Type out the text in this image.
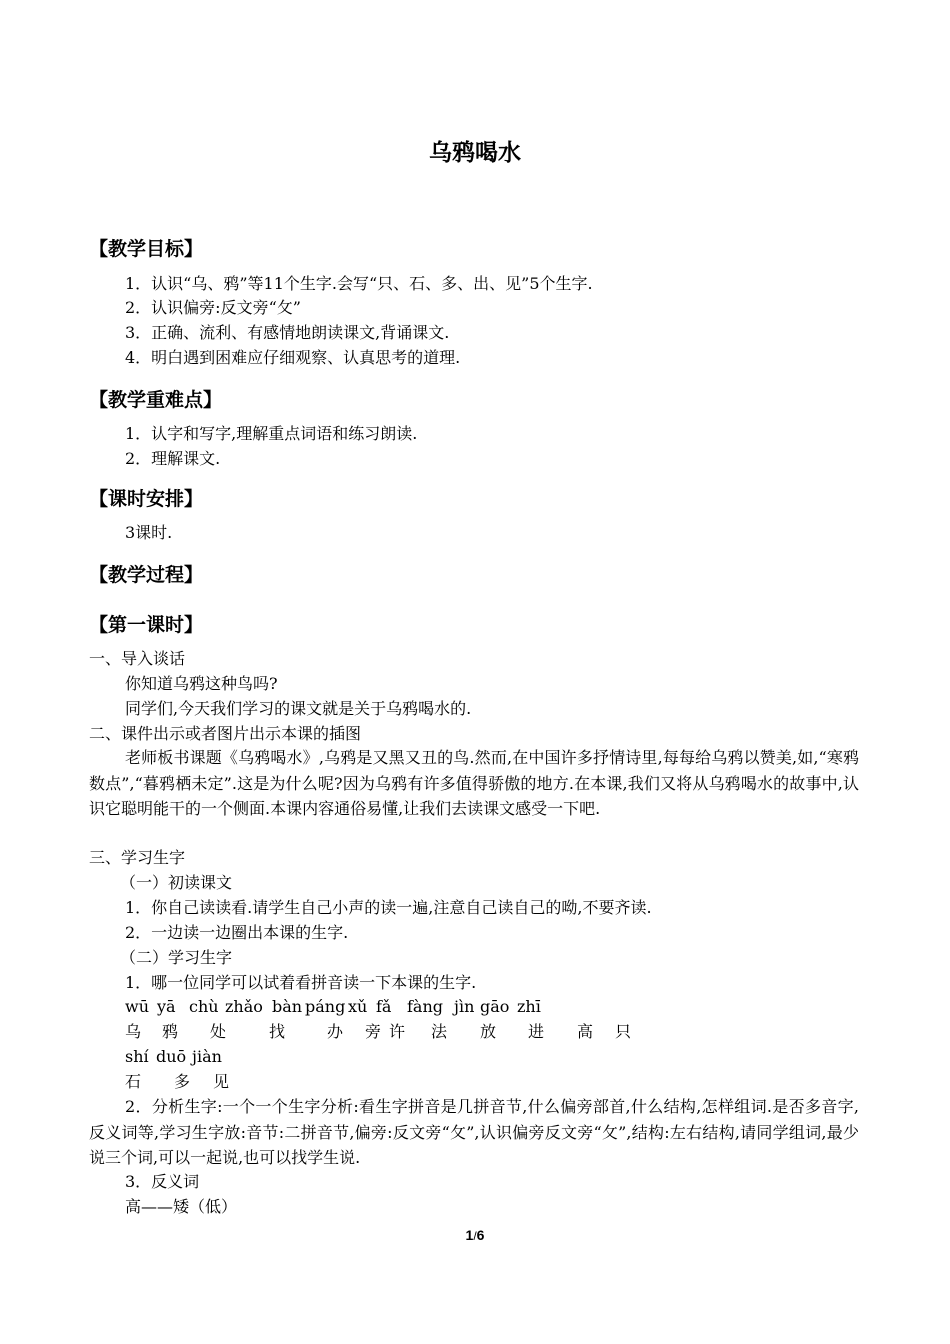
乌鸦喝水
【教学目标】
1．认识“乌、鸦”等11个生字.会写“只、石、多、出、见”5个生字.
2．认识偏旁:反文旁“攵”
3．正确、流利、有感情地朗读课文,背诵课文.
4．明白遇到困难应仔细观察、认真思考的道理.
【教学重难点】
1．认字和写字,理解重点词语和练习朗读.
2．理解课文.
【课时安排】
3课时.
【教学过程】
【第一课时】
一、导入谈话
你知道乌鸦这种鸟吗?
同学们,今天我们学习的课文就是关于乌鸦喝水的.
二、课件出示或者图片出示本课的插图
老师板书课题《乌鸦喝水》,乌鸦是又黑又丑的鸟.然而,在中国许多抒情诗里,每每给乌鸦以赞美,如,“寒鸦数点”,“暮鸦栖未定”.这是为什么呢?因为乌鸦有许多值得骄傲的地方.在本课,我们又将从乌鸦喝水的故事中,认识它聪明能干的一个侧面.本课内容通俗易懂,让我们去读课文感受一下吧.
三、学习生字
（一）初读课文
1．你自己读读看.请学生自己小声的读一遍,注意自己读自己的呦,不要齐读.
2．一边读一边圈出本课的生字.
（二）学习生字
1．哪一位同学可以试着看拼音读一下本课的生字.
wū yā chù zhǎo bàn páng xǔ fǎ fàng jìn gāo zhī
乌 鸦 处	找	办 旁 许 法 放 进 高 只
shí duō jiàn
石 多 见
2．分析生字:一个一个生字分析:看生字拼音是几拼音节,什么偏旁部首,什么结构,怎样组词.是否多音字,反义词等,学习生字放:音节:二拼音节,偏旁:反文旁“攵”,认识偏旁反文旁“攵”,结构:左右结构,请同学组词,最少说三个词,可以一起说,也可以找学生说.
3．反义词
高——矮（低）
1/6
